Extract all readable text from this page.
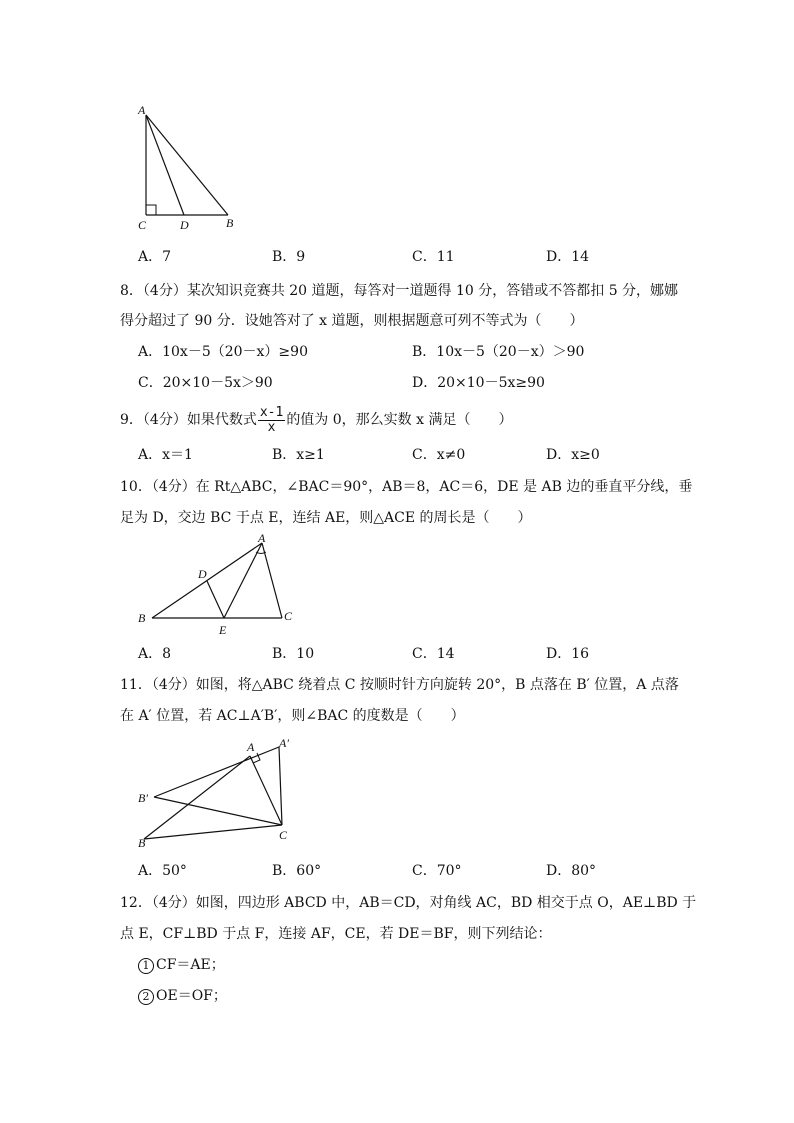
A
C	D	B
A．7	B．9	C．11	D．14
8．（4分）某次知识竞赛共 20 道题，每答对一道题得 10 分，答错或不答都扣 5 分，娜娜
得分超过了 90 分．设她答对了 x 道题，则根据题意可列不等式为（　　）
A．10x－5（20－x）≥90	B．10x－5（20－x）＞90
C．20×10－5x＞90	D．20×10－5x≥90
9．（4分）如果代数式 $\frac{x-1}{x}$ 的值为 0，那么实数 x 满足（　　）
A．x＝1	B．x≥1	C．x≠0	D．x≥0
10．（4分）在 Rt△ABC，∠BAC＝90°，AB＝8，AC＝6，DE 是 AB 边的垂直平分线，垂
足为 D，交边 BC 于点 E，连结 AE，则△ACE 的周长是（　　）
A
D
B
E
C
A．8	B．10	C．14	D．16
11．（4分）如图，将△ABC 绕着点 C 按顺时针方向旋转 20°，B 点落在 B′ 位置，A 点落
在 A′ 位置，若 AC⊥A′B′，则∠BAC 的度数是（　　）
A A′
B′
B
C
A．50°	B．60°	C．70°	D．80°
12．（4分）如图，四边形 ABCD 中，AB＝CD，对角线 AC，BD 相交于点 O，AE⊥BD 于
点 E，CF⊥BD 于点 F，连接 AF，CE，若 DE＝BF，则下列结论：
1 CF＝AE；
2 OE＝OF；
